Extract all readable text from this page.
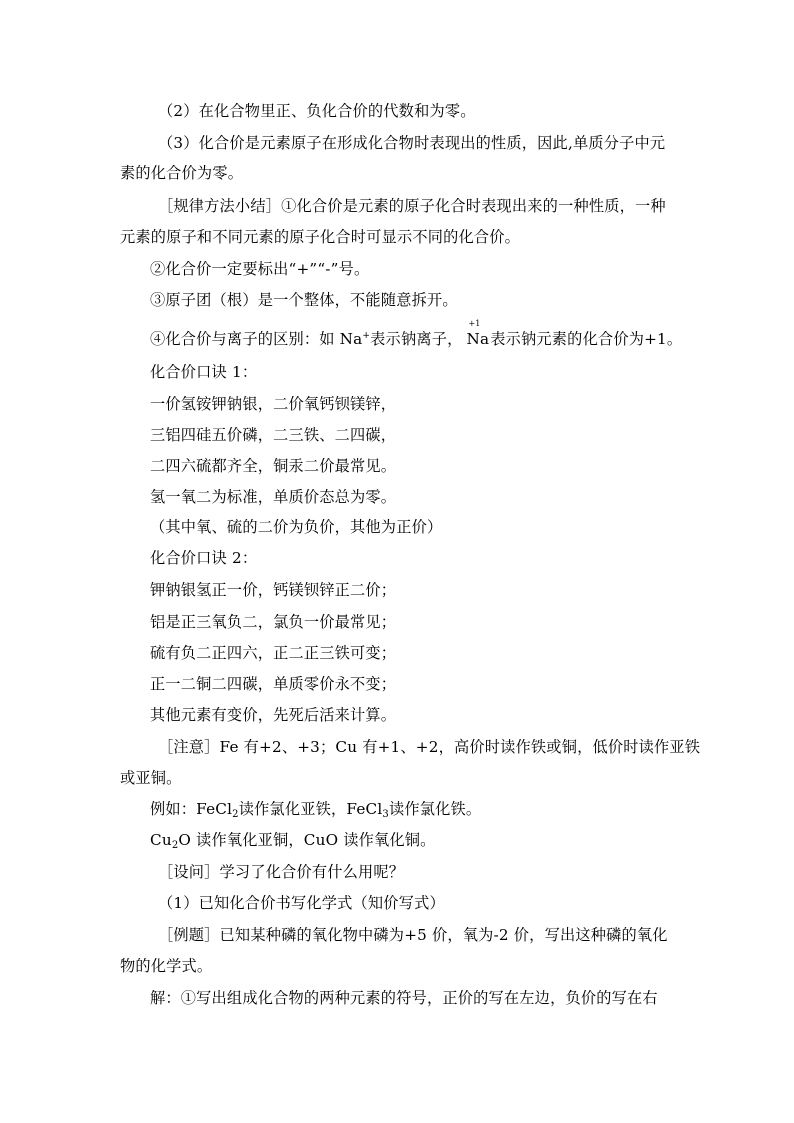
（2）在化合物里正、负化合价的代数和为零。
（3）化合价是元素原子在形成化合物时表现出的性质，因此,单质分子中元
素的化合价为零。
［规律方法小结］①化合价是元素的原子化合时表现出来的一种性质，一种
元素的原子和不同元素的原子化合时可显示不同的化合价。
②化合价一定要标出“+”“-”号。
③原子团（根）是一个整体，不能随意拆开。
④化合价与离子的区别：如 Na+表示钠离子，
+1
Na表示钠元素的化合价为+1。
化合价口诀 1：
一价氢铵钾钠银，二价氧钙钡镁锌，
三铝四硅五价磷，二三铁、二四碳，
二四六硫都齐全，铜汞二价最常见。
氢一氧二为标准，单质价态总为零。
（其中氧、硫的二价为负价，其他为正价）
化合价口诀 2：
钾钠银氢正一价，钙镁钡锌正二价；
铝是正三氧负二，氯负一价最常见；
硫有负二正四六，正二正三铁可变；
正一二铜二四碳，单质零价永不变；
其他元素有变价，先死后活来计算。
［注意］Fe 有+2、+3；Cu 有+1、+2，高价时读作铁或铜，低价时读作亚铁
或亚铜。
例如：FeCl$_2$读作氯化亚铁，FeCl$_3$读作氯化铁。
$Cu_2O$ 读作氧化亚铜，CuO 读作氧化铜。
［设问］学习了化合价有什么用呢？
（1）已知化合价书写化学式（知价写式）
［例题］已知某种磷的氧化物中磷为+5 价，氧为-2 价，写出这种磷的氧化
物的化学式。
解：①写出组成化合物的两种元素的符号，正价的写在左边，负价的写在右
